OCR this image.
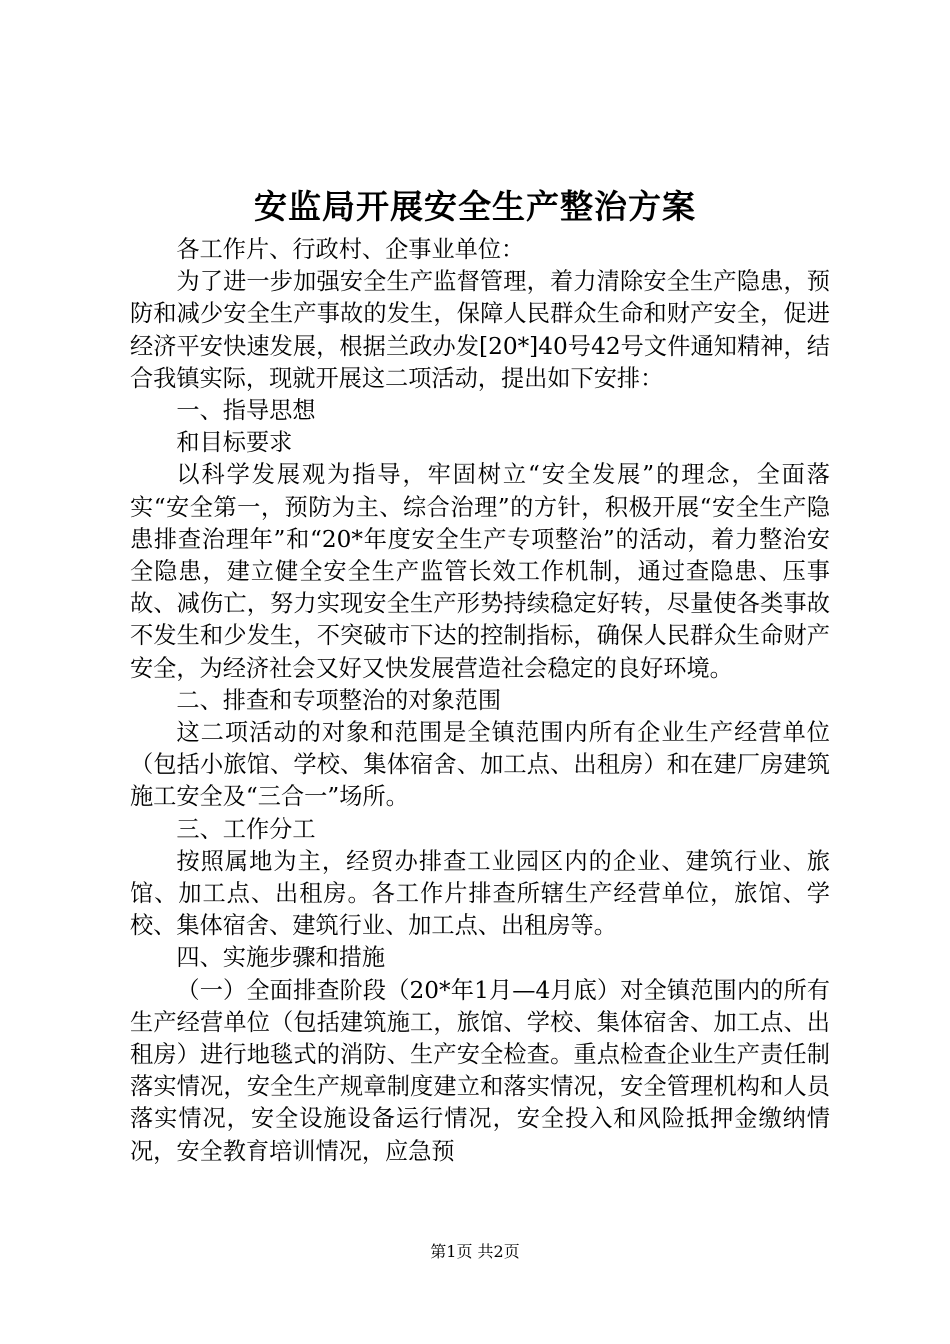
安监局开展安全生产整治方案

各工作片、行政村、企事业单位：

为了进一步加强安全生产监督管理，着力清除安全生产隐患，预防和减少安全生产事故的发生，保障人民群众生命和财产安全，促进经济平安快速发展，根据兰政办发[20*]40号42号文件通知精神，结合我镇实际，现就开展这二项活动，提出如下安排：

一、指导思想

和目标要求

以科学发展观为指导，牢固树立“安全发展”的理念，全面落实“安全第一，预防为主、综合治理”的方针，积极开展“安全生产隐患排查治理年”和“20*年度安全生产专项整治”的活动，着力整治安全隐患，建立健全安全生产监管长效工作机制，通过查隐患、压事故、减伤亡，努力实现安全生产形势持续稳定好转，尽量使各类事故不发生和少发生，不突破市下达的控制指标，确保人民群众生命财产安全，为经济社会又好又快发展营造社会稳定的良好环境。

二、排查和专项整治的对象范围

这二项活动的对象和范围是全镇范围内所有企业生产经营单位（包括小旅馆、学校、集体宿舍、加工点、出租房）和在建厂房建筑施工安全及“三合一”场所。

三、工作分工

按照属地为主，经贸办排查工业园区内的企业、建筑行业、旅馆、加工点、出租房。各工作片排查所辖生产经营单位，旅馆、学校、集体宿舍、建筑行业、加工点、出租房等。

四、实施步骤和措施

（一）全面排查阶段（20*年1月—4月底）对全镇范围内的所有生产经营单位（包括建筑施工，旅馆、学校、集体宿舍、加工点、出租房）进行地毯式的消防、生产安全检查。重点检查企业生产责任制落实情况，安全生产规章制度建立和落实情况，安全管理机构和人员落实情况，安全设施设备运行情况，安全投入和风险抵押金缴纳情况，安全教育培训情况，应急预

第1页 共2页
